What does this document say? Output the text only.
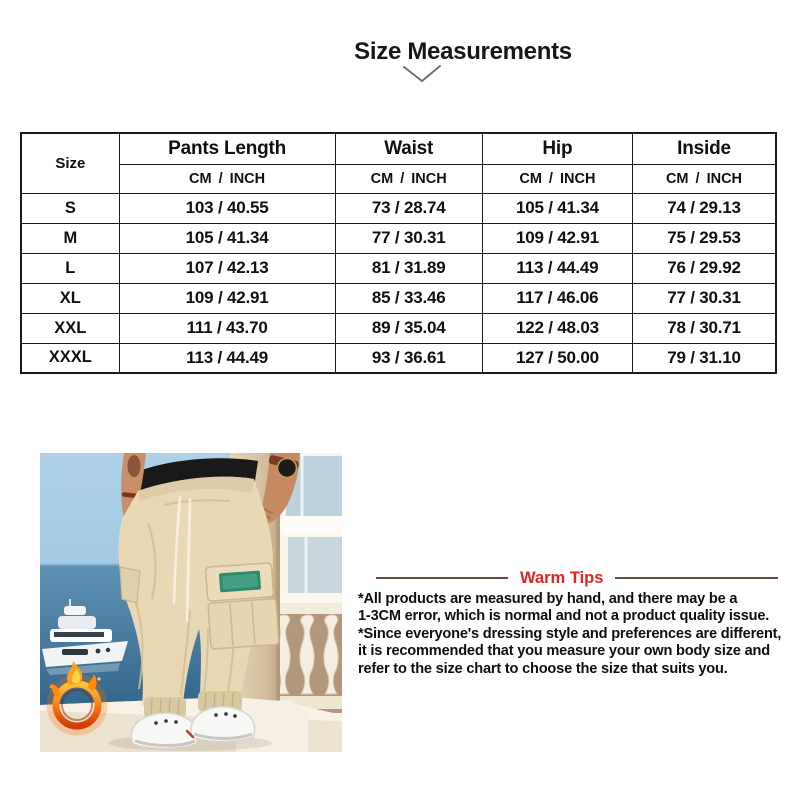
Size Measurements
Size	Pants Length	Waist	Hip	Inside
	CM / INCH	CM / INCH	CM / INCH	CM / INCH
S	103 / 40.55	73 / 28.74	105 / 41.34	74 / 29.13
M	105 / 41.34	77 / 30.31	109 / 42.91	75 / 29.53
L	107 / 42.13	81 / 31.89	113 / 44.49	76 / 29.92
XL	109 / 42.91	85 / 33.46	117 / 46.06	77 / 30.31
XXL	111 / 43.70	89 / 35.04	122 / 48.03	78 / 30.71
XXXL	113 / 44.49	93 / 36.61	127 / 50.00	79 / 31.10
Warm Tips
*All products are measured by hand, and there may be a
1-3CM error, which is normal and not a product quality issue.
*Since everyone's dressing style and preferences are different,
it is recommended that you measure your own body size and
refer to the size chart to choose the size that suits you.
